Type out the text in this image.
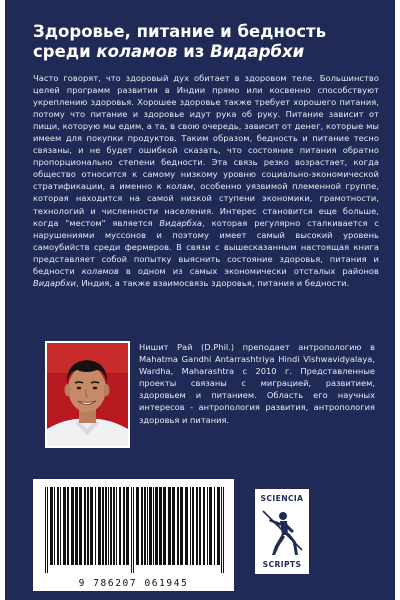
Здоровье, питание и бедность
среди коламов из Видарбхи

Часто говорят, что здоровый дух обитает в здоровом теле. Большинство целей программ развития в Индии прямо или косвенно способствуют укреплению здоровья. Хорошее здоровье также требует хорошего питания, потому что питание и здоровье идут рука об руку. Питание зависит от пищи, которую мы едим, а та, в свою очередь, зависит от денег, которые мы имеем для покупки продуктов. Таким образом, бедность и питание тесно связаны, и не будет ошибкой сказать, что состояние питания обратно пропорционально степени бедности. Эта связь резко возрастает, когда общество относится к самому низкому уровню социально-экономической стратификации, а именно к колам, особенно уязвимой племенной группе, которая находится на самой низкой ступени экономики, грамотности, технологий и численности населения. Интерес становится еще больше, когда "местом" является Видарбха, которая регулярно сталкивается с нарушениями муссонов и поэтому имеет самый высокий уровень самоубийств среди фермеров. В связи с вышесказанным настоящая книга представляет собой попытку выяснить состояние здоровья, питания и бедности коламов в одном из самых экономически отсталых районов Видарбхи, Индия, а также взаимосвязь здоровья, питания и бедности.

Нишит Рай (D.Phil.) преподает антропологию в Mahatma Gandhi Antarrashtriya Hindi Vishwavidyalaya, Wardha, Maharashtra с 2010 г. Представленные проекты связаны с миграцией, развитием, здоровьем и питанием. Область его научных интересов - антропология развития, антропология здоровья и питания.

9 786207 061945
SCIENCIA
SCRIPTS
